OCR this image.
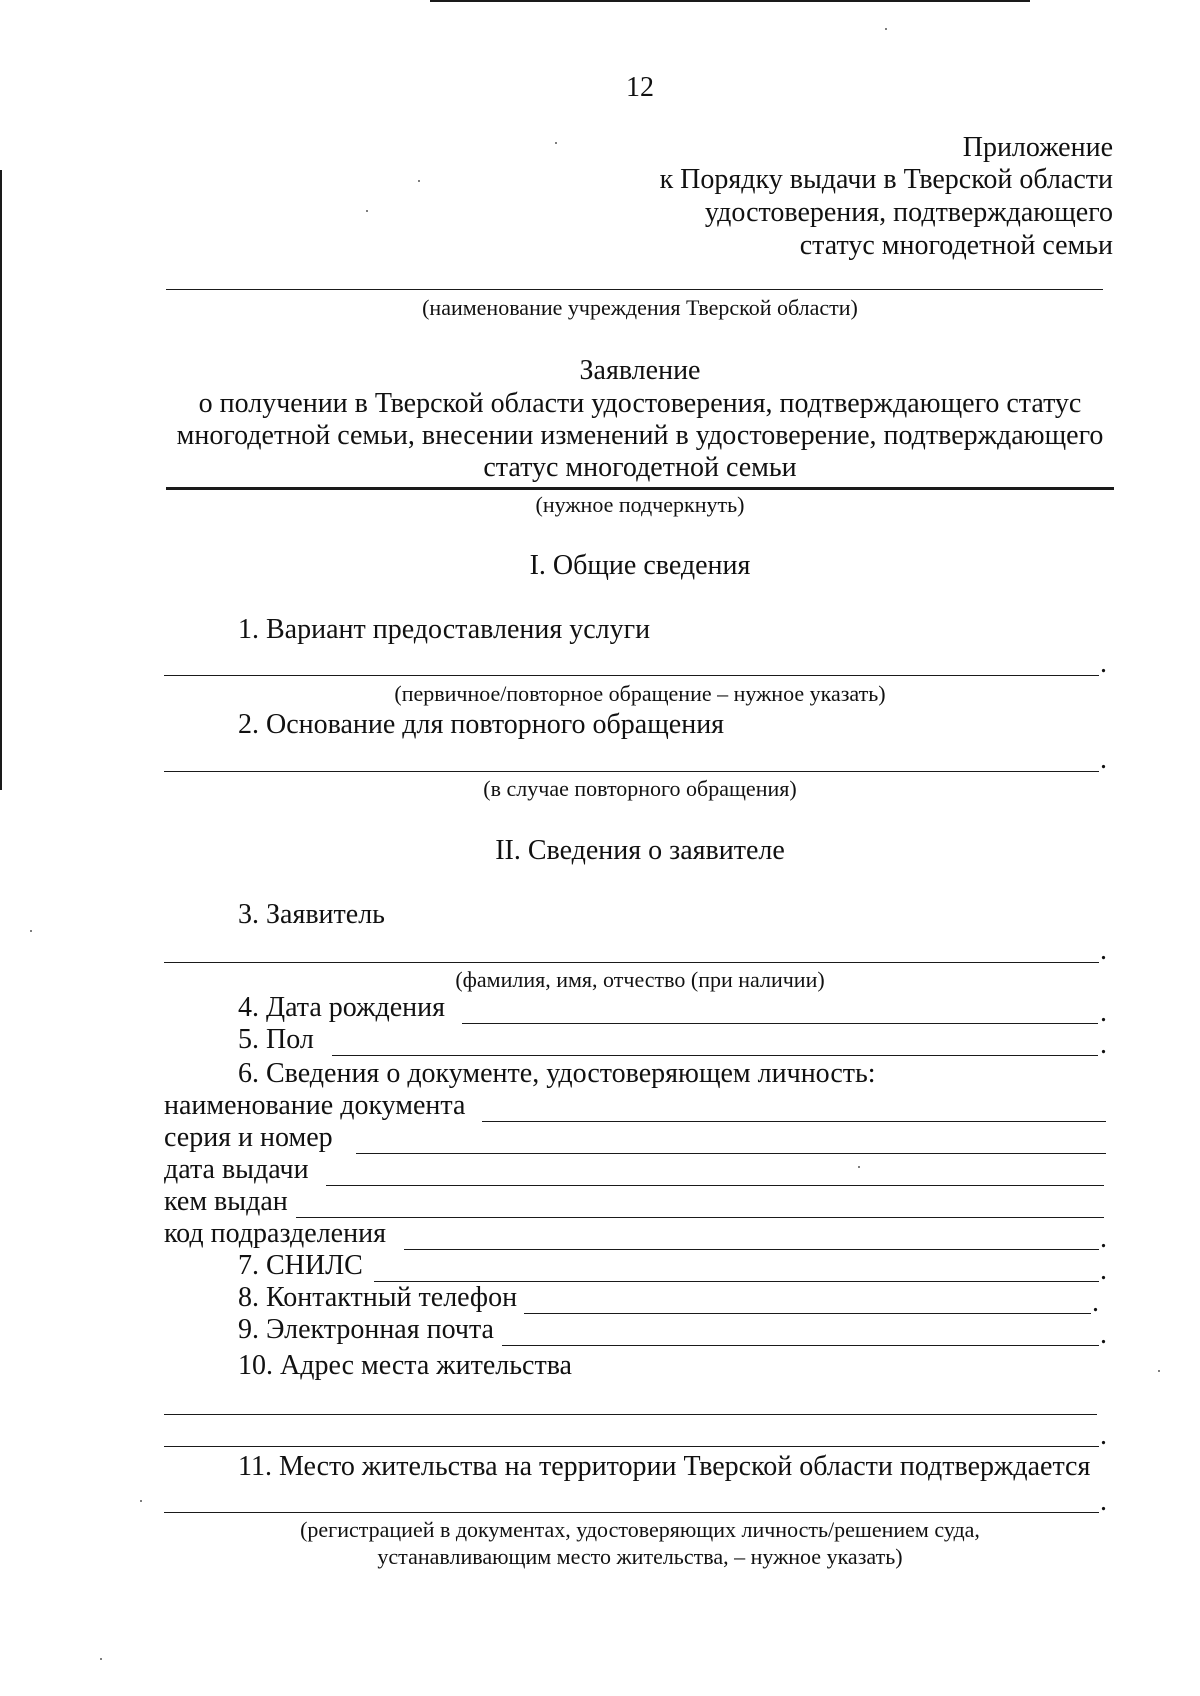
12
Приложение
к Порядку выдачи в Тверской области
удостоверения, подтверждающего
статус многодетной семьи
(наименование учреждения Тверской области)
Заявление
о получении в Тверской области удостоверения, подтверждающего статус
многодетной семьи, внесении изменений в удостоверение, подтверждающего
статус многодетной семьи
(нужное подчеркнуть)
I. Общие сведения
1. Вариант предоставления услуги
.
(первичное/повторное обращение – нужное указать)
2. Основание для повторного обращения
.
(в случае повторного обращения)
II. Сведения о заявителе
3. Заявитель
.
(фамилия, имя, отчество (при наличии)
4. Дата рождения	.
5. Пол	.
6. Сведения о документе, удостоверяющем личность:
наименование документа
серия и номер
дата выдачи
кем выдан
код подразделения	.
7. СНИЛС	.
8. Контактный телефон	.
9. Электронная почта	.
10. Адрес места жительства
.
11. Место жительства на территории Тверской области подтверждается
.
(регистрацией в документах, удостоверяющих личность/решением суда,
устанавливающим место жительства, – нужное указать)
